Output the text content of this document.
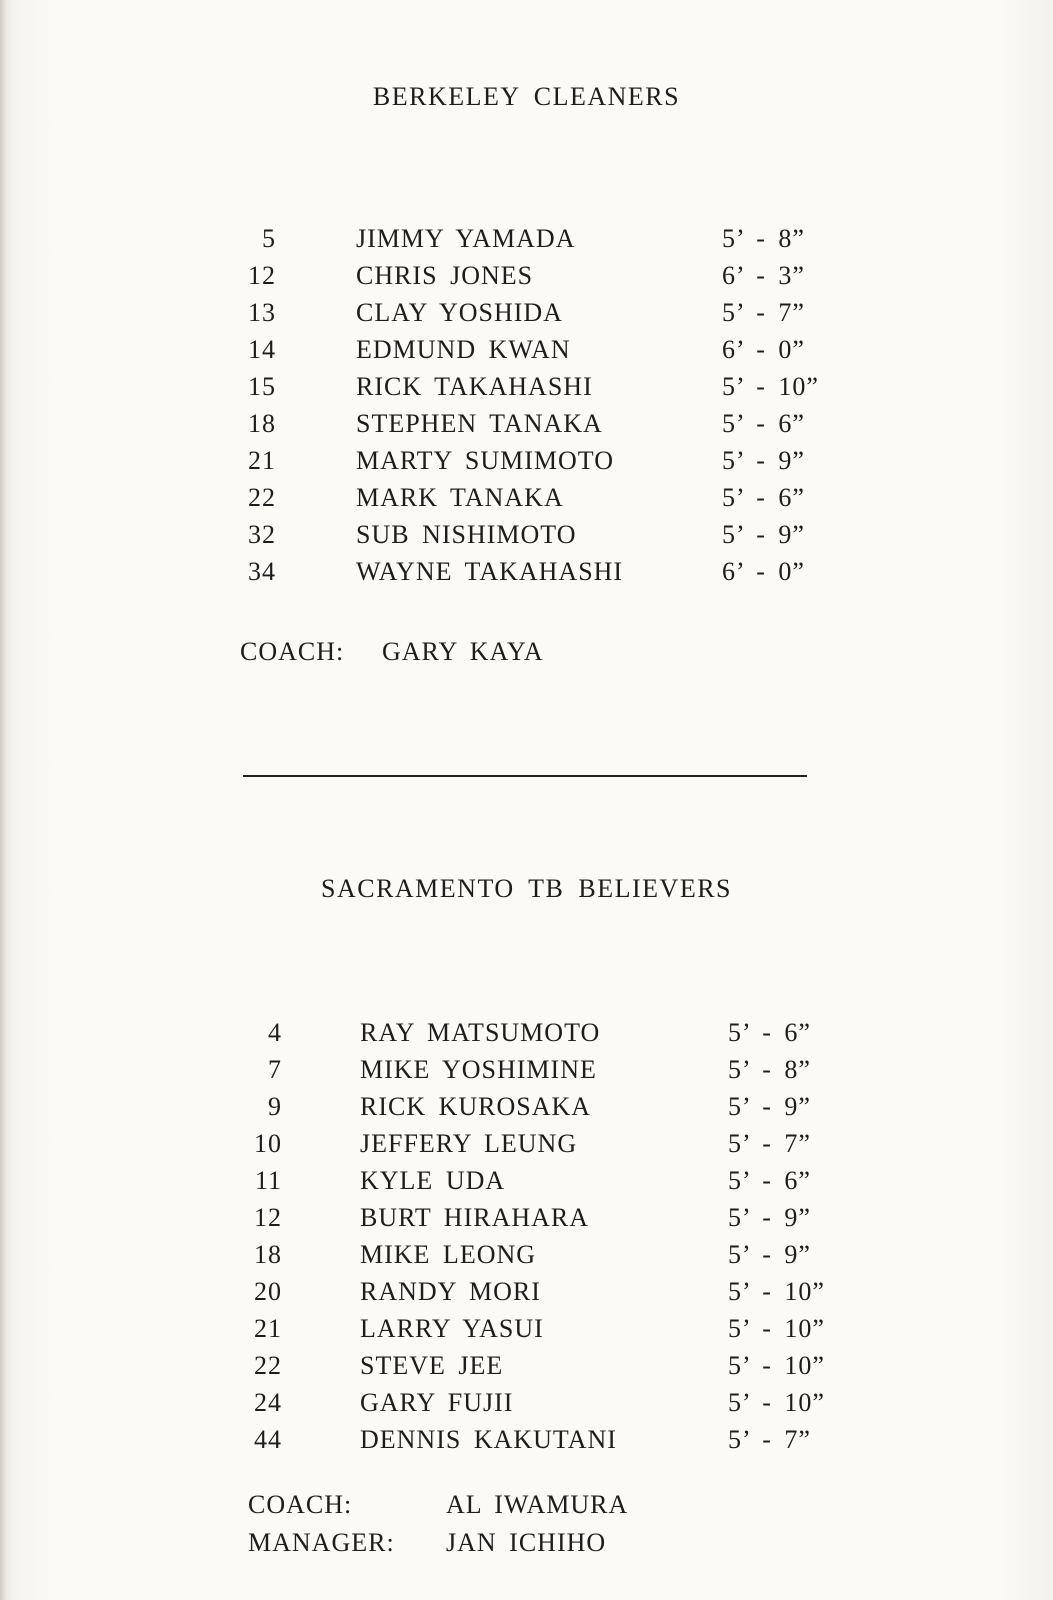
BERKELEY CLEANERS
5	JIMMY YAMADA	5’ - 8”
12	CHRIS JONES	6’ - 3”
13	CLAY YOSHIDA	5’ - 7”
14	EDMUND KWAN	6’ - 0”
15	RICK TAKAHASHI	5’ - 10”
18	STEPHEN TANAKA	5’ - 6”
21	MARTY SUMIMOTO	5’ - 9”
22	MARK TANAKA	5’ - 6”
32	SUB NISHIMOTO	5’ - 9”
34	WAYNE TAKAHASHI	6’ - 0”
COACH: GARY KAYA
SACRAMENTO TB BELIEVERS
4	RAY MATSUMOTO	5’ - 6”
7	MIKE YOSHIMINE	5’ - 8”
9	RICK KUROSAKA	5’ - 9”
10	JEFFERY LEUNG	5’ - 7”
11	KYLE UDA	5’ - 6”
12	BURT HIRAHARA	5’ - 9”
18	MIKE LEONG	5’ - 9”
20	RANDY MORI	5’ - 10”
21	LARRY YASUI	5’ - 10”
22	STEVE JEE	5’ - 10”
24	GARY FUJII	5’ - 10”
44	DENNIS KAKUTANI	5’ - 7”
COACH:	AL IWAMURA
MANAGER: JAN ICHIHO
